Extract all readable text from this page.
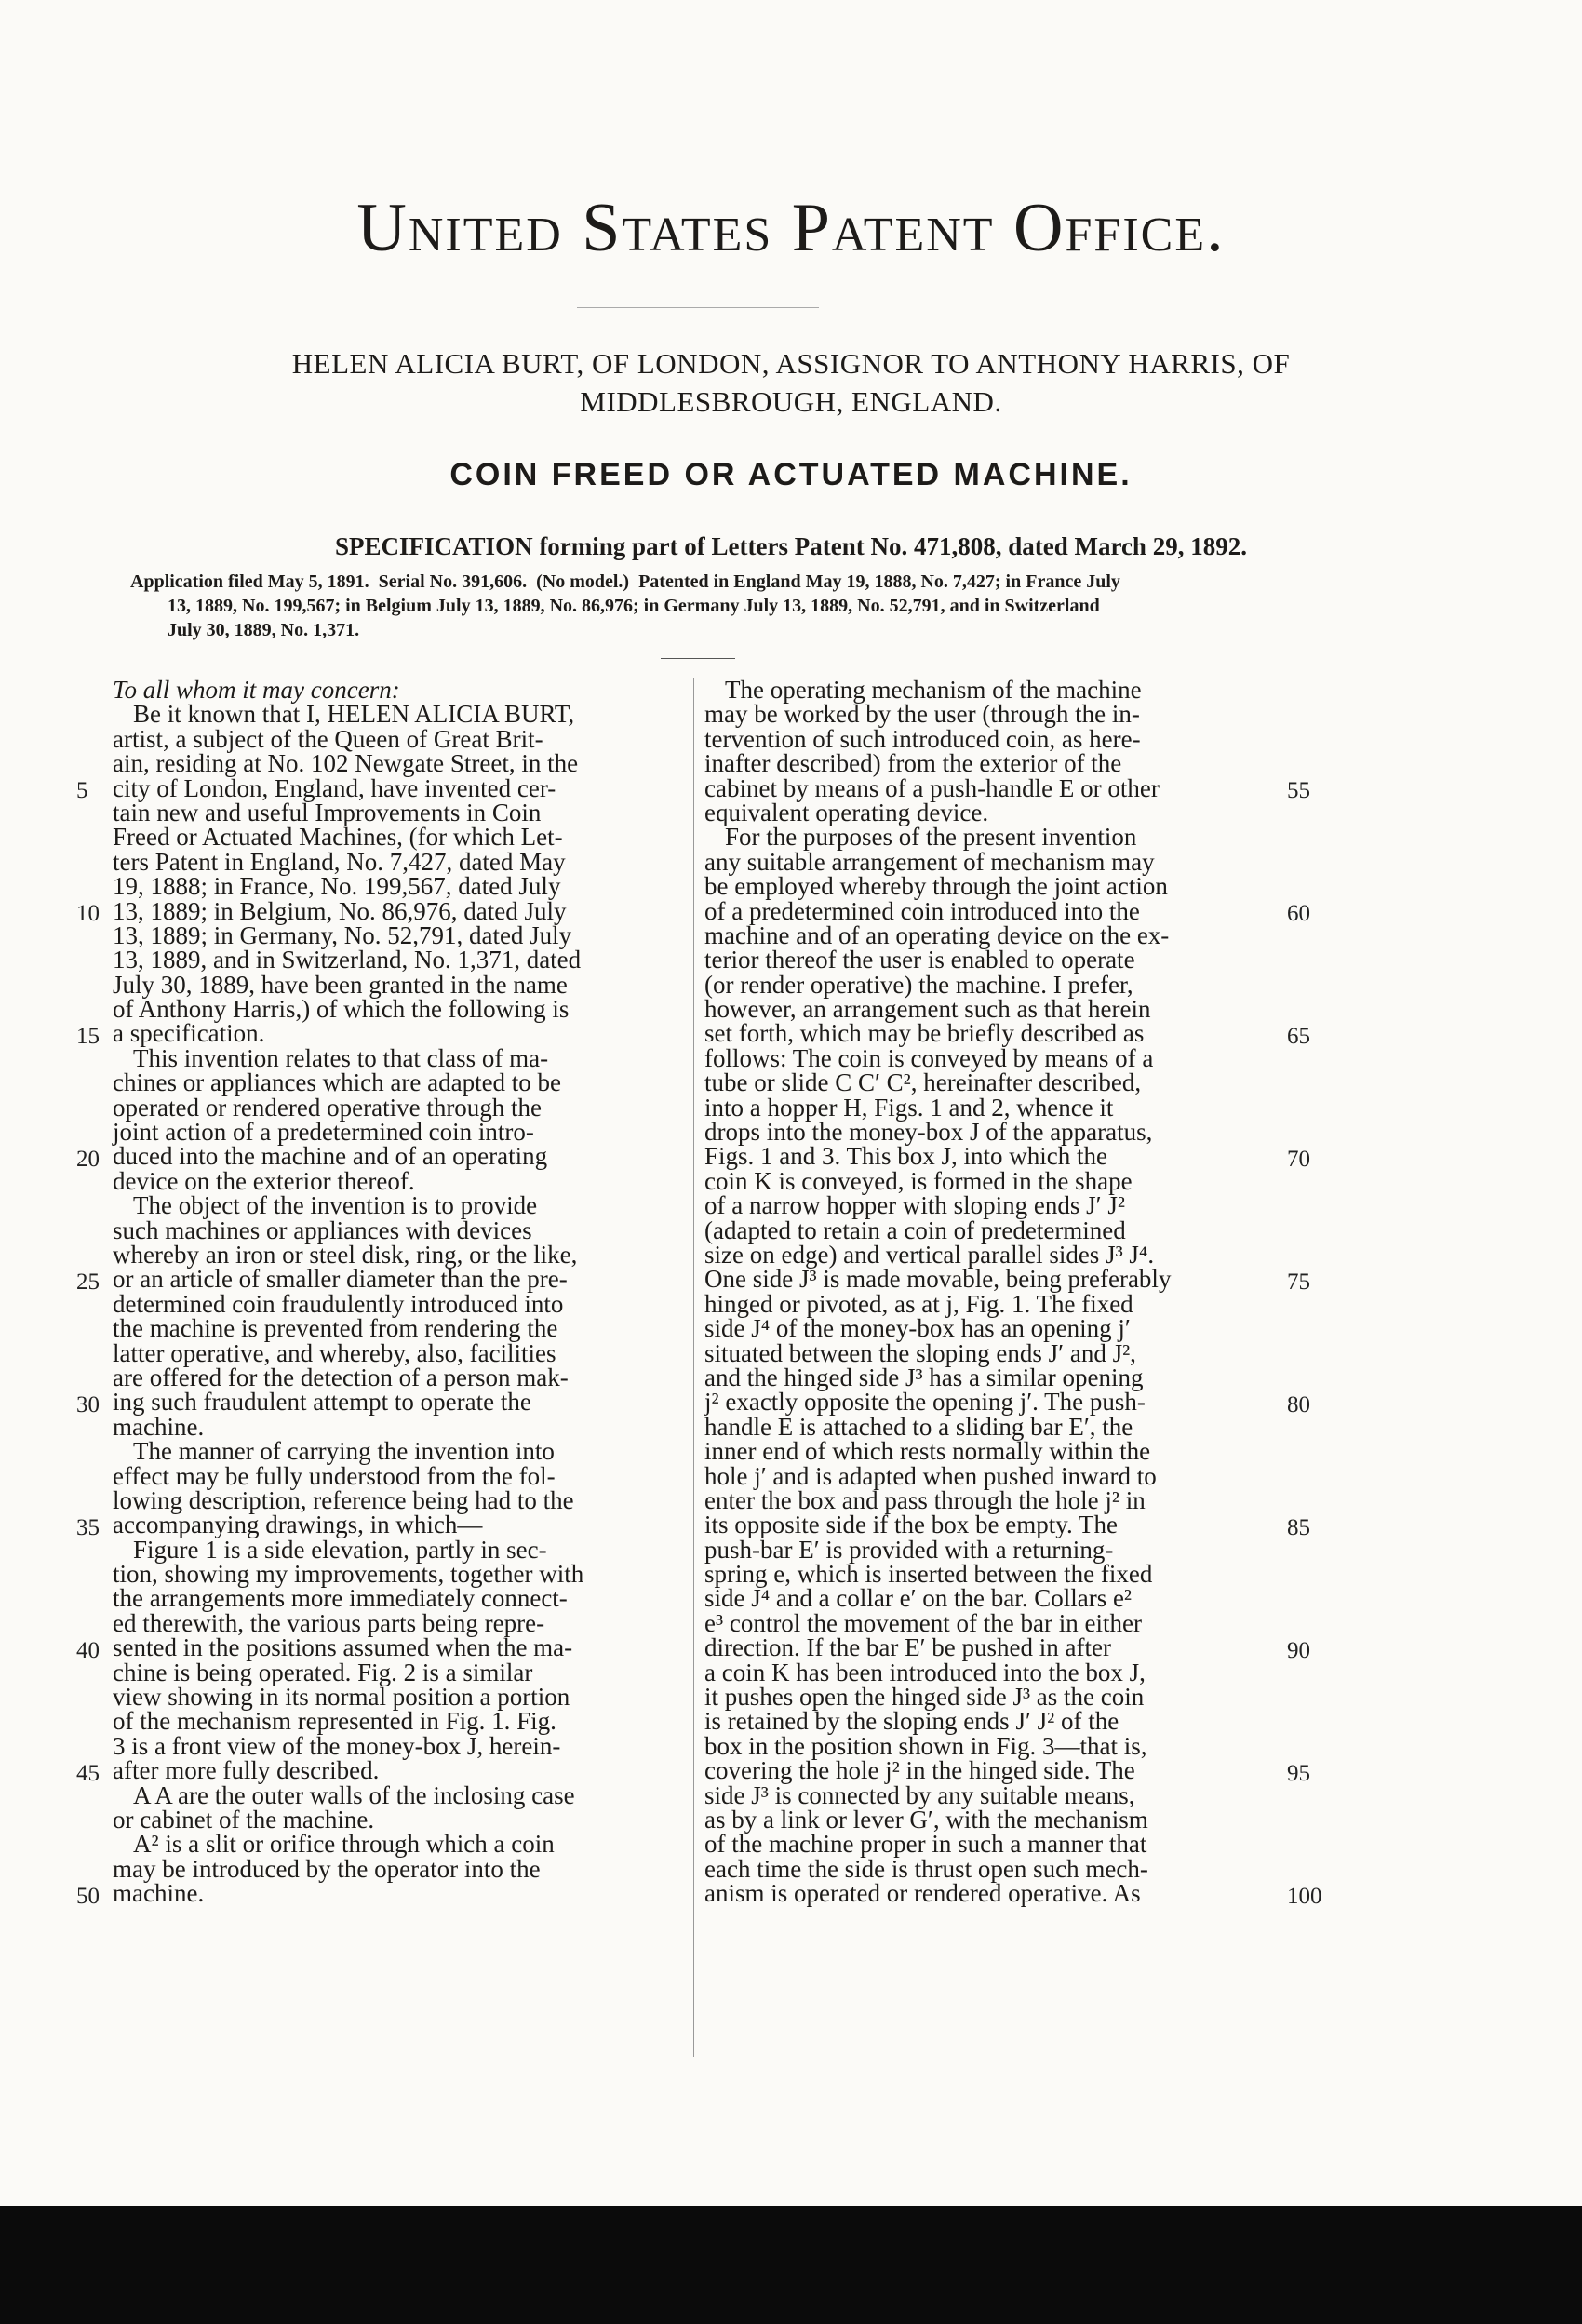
United States Patent Office.
HELEN ALICIA BURT, OF LONDON, ASSIGNOR TO ANTHONY HARRIS, OF
MIDDLESBROUGH, ENGLAND.
COIN FREED OR ACTUATED MACHINE.
SPECIFICATION forming part of Letters Patent No. 471,808, dated March 29, 1892.
Application filed May 5, 1891.  Serial No. 391,606.  (No model.)  Patented in England May 19, 1888, No. 7,427; in France July
13, 1889, No. 199,567; in Belgium July 13, 1889, No. 86,976; in Germany July 13, 1889, No. 52,791, and in Switzerland
July 30, 1889, No. 1,371.
To all whom it may concern:
Be it known that I, HELEN ALICIA BURT,
artist, a subject of the Queen of Great Brit-
ain, residing at No. 102 Newgate Street, in the
city of London, England, have invented cer-
tain new and useful Improvements in Coin
Freed or Actuated Machines, (for which Let-
ters Patent in England, No. 7,427, dated May
19, 1888; in France, No. 199,567, dated July
13, 1889; in Belgium, No. 86,976, dated July
13, 1889; in Germany, No. 52,791, dated July
13, 1889, and in Switzerland, No. 1,371, dated
July 30, 1889, have been granted in the name
of Anthony Harris,) of which the following is
a specification.
This invention relates to that class of ma-
chines or appliances which are adapted to be
operated or rendered operative through the
joint action of a predetermined coin intro-
duced into the machine and of an operating
device on the exterior thereof.
The object of the invention is to provide
such machines or appliances with devices
whereby an iron or steel disk, ring, or the like,
or an article of smaller diameter than the pre-
determined coin fraudulently introduced into
the machine is prevented from rendering the
latter operative, and whereby, also, facilities
are offered for the detection of a person mak-
ing such fraudulent attempt to operate the
machine.
The manner of carrying the invention into
effect may be fully understood from the fol-
lowing description, reference being had to the
accompanying drawings, in which—
Figure 1 is a side elevation, partly in sec-
tion, showing my improvements, together with
the arrangements more immediately connect-
ed therewith, the various parts being repre-
sented in the positions assumed when the ma-
chine is being operated. Fig. 2 is a similar
view showing in its normal position a portion
of the mechanism represented in Fig. 1. Fig.
3 is a front view of the money-box J, herein-
after more fully described.
A A are the outer walls of the inclosing case
or cabinet of the machine.
A² is a slit or orifice through which a coin
may be introduced by the operator into the
machine.
The operating mechanism of the machine
may be worked by the user (through the in-
tervention of such introduced coin, as here-
inafter described) from the exterior of the
cabinet by means of a push-handle E or other
equivalent operating device.
For the purposes of the present invention
any suitable arrangement of mechanism may
be employed whereby through the joint action
of a predetermined coin introduced into the
machine and of an operating device on the ex-
terior thereof the user is enabled to operate
(or render operative) the machine. I prefer,
however, an arrangement such as that herein
set forth, which may be briefly described as
follows: The coin is conveyed by means of a
tube or slide C C′ C², hereinafter described,
into a hopper H, Figs. 1 and 2, whence it
drops into the money-box J of the apparatus,
Figs. 1 and 3. This box J, into which the
coin K is conveyed, is formed in the shape
of a narrow hopper with sloping ends J′ J²
(adapted to retain a coin of predetermined
size on edge) and vertical parallel sides J³ J⁴.
One side J³ is made movable, being preferably
hinged or pivoted, as at j, Fig. 1. The fixed
side J⁴ of the money-box has an opening j′
situated between the sloping ends J′ and J²,
and the hinged side J³ has a similar opening
j² exactly opposite the opening j′. The push-
handle E is attached to a sliding bar E′, the
inner end of which rests normally within the
hole j′ and is adapted when pushed inward to
enter the box and pass through the hole j² in
its opposite side if the box be empty. The
push-bar E′ is provided with a returning-
spring e, which is inserted between the fixed
side J⁴ and a collar e′ on the bar. Collars e²
e³ control the movement of the bar in either
direction. If the bar E′ be pushed in after
a coin K has been introduced into the box J,
it pushes open the hinged side J³ as the coin
is retained by the sloping ends J′ J² of the
box in the position shown in Fig. 3—that is,
covering the hole j² in the hinged side. The
side J³ is connected by any suitable means,
as by a link or lever G′, with the mechanism
of the machine proper in such a manner that
each time the side is thrust open such mech-
anism is operated or rendered operative. As
5
10
15
20
25
30
35
40
45
50
55
60
65
70
75
80
85
90
95
100
